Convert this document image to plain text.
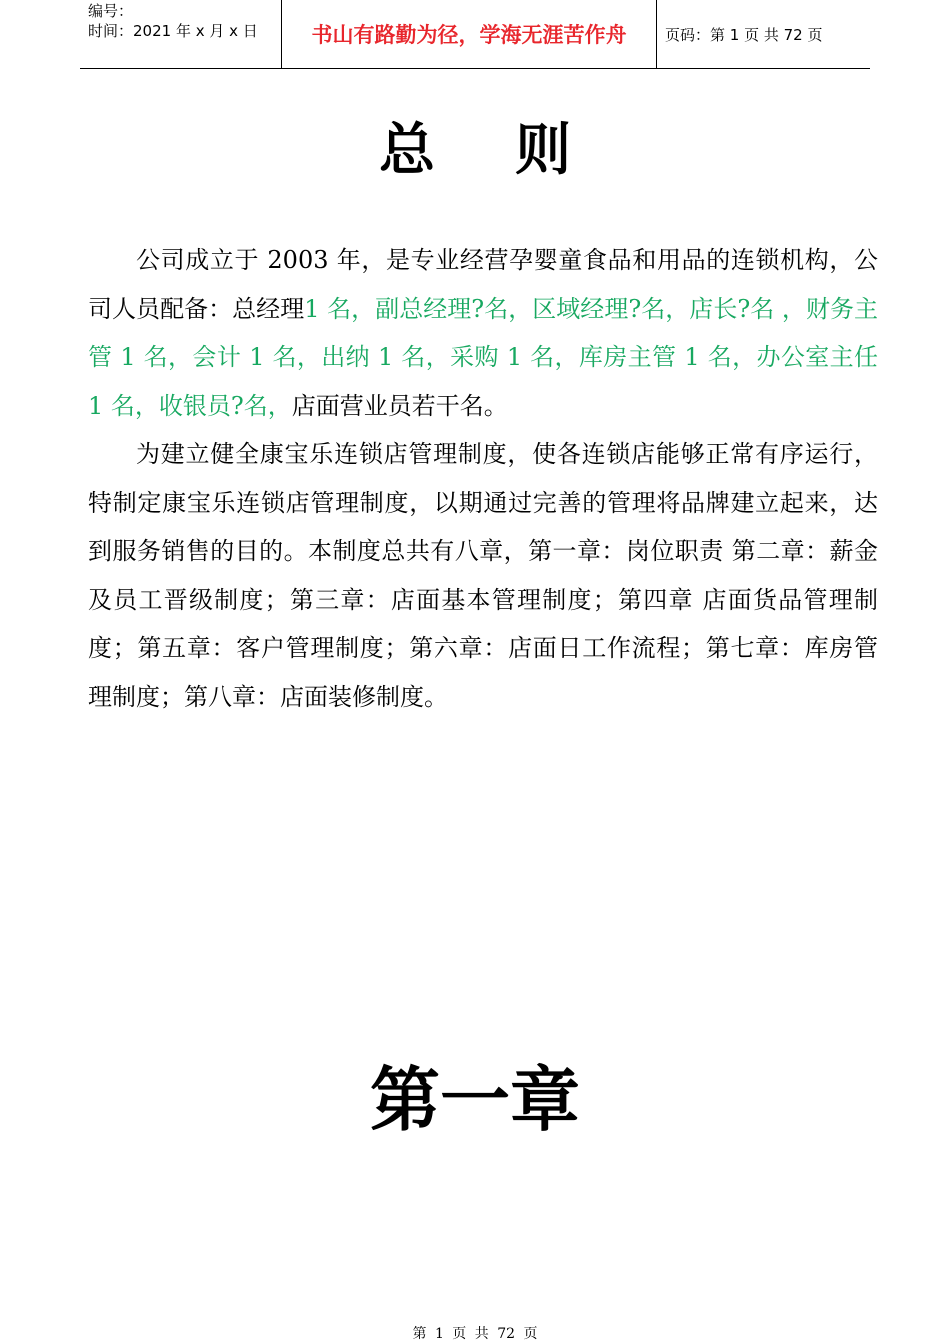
编号：
时间：2021 年 x 月 x 日	书山有路勤为径，学海无涯苦作舟	页码：第 1 页 共 72 页
总则

公司成立于 2003 年，是专业经营孕婴童食品和用品的连锁机构，公司人员配备：总经理1 名，副总经理?名，区域经理?名，店长?名 ，财务主管 1 名，会计 1 名，出纳 1 名，采购 1 名，库房主管 1 名，办公室主任 1 名，收银员?名，店面营业员若干名。

为建立健全康宝乐连锁店管理制度，使各连锁店能够正常有序运行，特制定康宝乐连锁店管理制度，以期通过完善的管理将品牌建立起来，达到服务销售的目的。本制度总共有八章，第一章：岗位职责 第二章：薪金及员工晋级制度；第三章：店面基本管理制度；第四章 店面货品管理制度；第五章：客户管理制度；第六章：店面日工作流程；第七章：库房管理制度；第八章：店面装修制度。

第一章
第 1 页 共 72 页
